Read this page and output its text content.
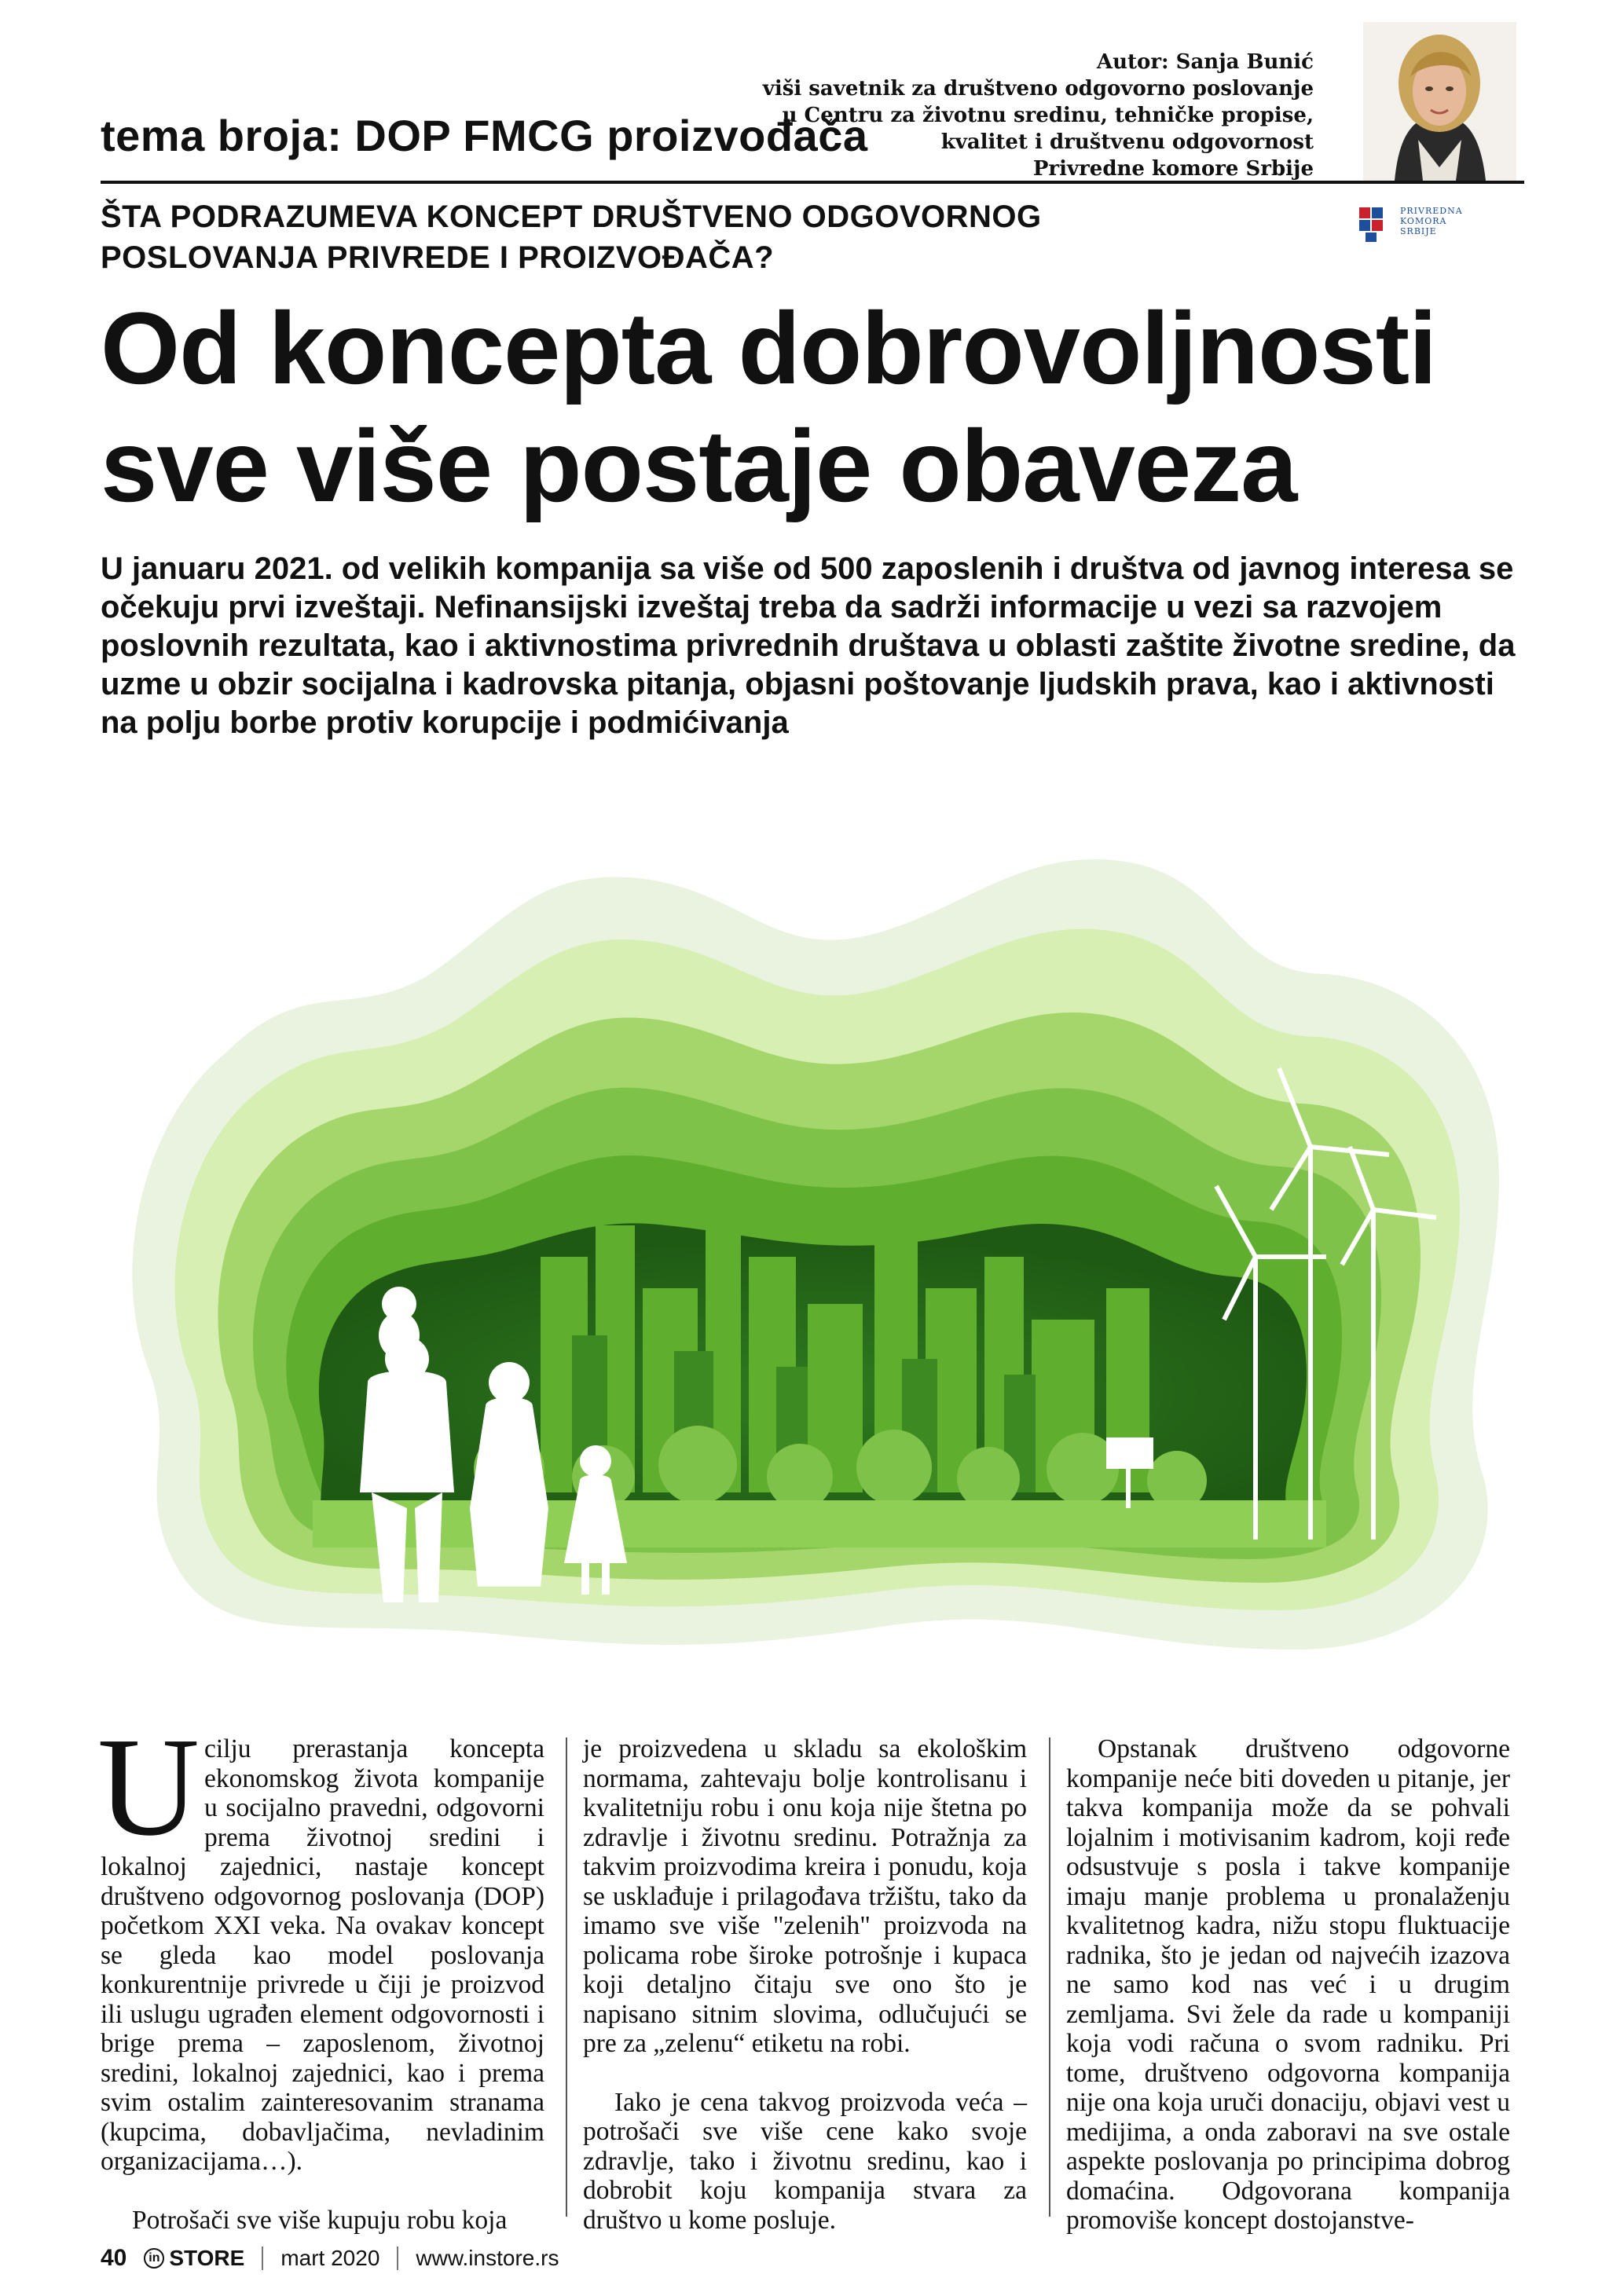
tema broja: DOP FMCG proizvođača
Autor: Sanja Bunić
viši savetnik za društveno odgovorno poslovanje
u Centru za životnu sredinu, tehničke propise,
kvalitet i društvenu odgovornost
Privredne komore Srbije
PRIVREDNA
KOMORA
SRBIJE
ŠTA PODRAZUMEVA KONCEPT DRUŠTVENO ODGOVORNOG POSLOVANJA PRIVREDE I PROIZVOĐAČA?
Od koncepta dobrovoljnosti
sve više postaje obaveza
U januaru 2021. od velikih kompanija sa više od 500 zaposlenih i društva od javnog interesa se očekuju prvi izveštaji. Nefinansijski izveštaj treba da sadrži informacije u vezi sa razvojem poslovnih rezultata, kao i aktivnostima privrednih društava u oblasti zaštite životne sredine, da uzme u obzir socijalna i kadrovska pitanja, objasni poštovanje ljudskih prava, kao i aktivnosti na polju borbe protiv korupcije i podmićivanja

U cilju prerastanja koncepta ekonomskog života kompanije u socijalno pravedni, odgovorni prema životnoj sredini i lokalnoj zajednici, nastaje koncept društveno odgovornog poslovanja (DOP) početkom XXI veka. Na ovakav koncept se gleda kao model poslovanja konkurentnije privrede u čiji je proizvod ili uslugu ugrađen element odgovornosti i brige prema – zaposlenom, životnoj sredini, lokalnoj zajednici, kao i prema svim ostalim zainteresovanim stranama (kupcima, dobavljačima, nevladinim organizacijama…).

Potrošači sve više kupuju robu koja

je proizvedena u skladu sa ekološkim normama, zahtevaju bolje kontrolisanu i kvalitetniju robu i onu koja nije štetna po zdravlje i životnu sredinu. Potražnja za takvim proizvodima kreira i ponudu, koja se usklađuje i prilagođava tržištu, tako da imamo sve više "zelenih" proizvoda na policama robe široke potrošnje i kupaca koji detaljno čitaju sve ono što je napisano sitnim slovima, odlučujući se pre za „zelenu“ etiketu na robi.

Iako je cena takvog proizvoda veća – potrošači sve više cene kako svoje zdravlje, tako i životnu sredinu, kao i dobrobit koju kompanija stvara za društvo u kome posluje.

Opstanak društveno odgovorne kompanije neće biti doveden u pitanje, jer takva kompanija može da se pohvali lojalnim i motivisanim kadrom, koji ređe odsustvuje s posla i takve kompanije imaju manje problema u pronalaženju kvalitetnog kadra, nižu stopu fluktuacije radnika, što je jedan od najvećih izazova ne samo kod nas već i u drugim zemljama. Svi žele da rade u kompaniji koja vodi računa o svom radniku. Pri tome, društveno odgovorna kompanija nije ona koja uruči donaciju, objavi vest u medijima, a onda zaboravi na sve ostale aspekte poslovanja po principima dobrog domaćina. Odgovorana kompanija promoviše koncept dostojanstve-

40	in STORE mart 2020 www.instore.rs
